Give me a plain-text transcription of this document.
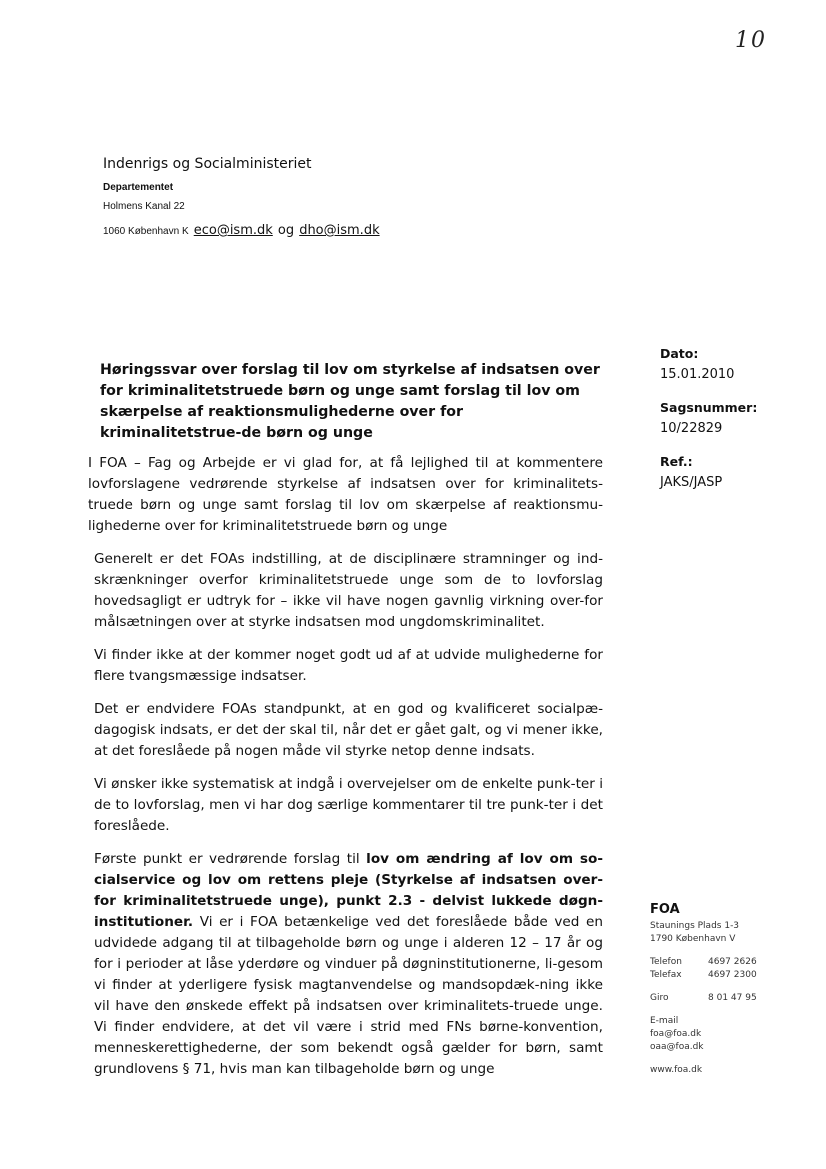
10
Indenrigs og Socialministeriet
Departementet
Holmens Kanal 22
1060 København K eco@ism.dk og dho@ism.dk
Høringssvar over forslag til lov om styrkelse af indsatsen over for kriminalitetstruede børn og unge samt forslag til lov om skærpelse af reaktionsmulighederne over for kriminalitetstrue-de børn og unge
Dato:
15.01.2010
Sagsnummer:
10/22829
Ref.:
JAKS/JASP

I FOA – Fag og Arbejde er vi glad for, at få lejlighed til at kommentere lovforslagene vedrørende styrkelse af indsatsen over for kriminalitets-truede børn og unge samt forslag til lov om skærpelse af reaktionsmu-lighederne over for kriminalitetstruede børn og unge

Generelt er det FOAs indstilling, at de disciplinære stramninger og ind-skrænkninger overfor kriminalitetstruede unge som de to lovforslag hovedsagligt er udtryk for – ikke vil have nogen gavnlig virkning over-for målsætningen over at styrke indsatsen mod ungdomskriminalitet.

Vi finder ikke at der kommer noget godt ud af at udvide mulighederne for flere tvangsmæssige indsatser.

Det er endvidere FOAs standpunkt, at en god og kvalificeret socialpæ-dagogisk indsats, er det der skal til, når det er gået galt, og vi mener ikke, at det foreslåede på nogen måde vil styrke netop denne indsats.

Vi ønsker ikke systematisk at indgå i overvejelser om de enkelte punk-ter i de to lovforslag, men vi har dog særlige kommentarer til tre punk-ter i det foreslåede.

Første punkt er vedrørende forslag til lov om ændring af lov om so-cialservice og lov om rettens pleje (Styrkelse af indsatsen over-for kriminalitetstruede unge), punkt 2.3 - delvist lukkede døgn-institutioner. Vi er i FOA betænkelige ved det foreslåede både ved en udvidede adgang til at tilbageholde børn og unge i alderen 12 – 17 år og for i perioder at låse yderdøre og vinduer på døgninstitutionerne, li-gesom vi finder at yderligere fysisk magtanvendelse og mandsopdæk-ning ikke vil have den ønskede effekt på indsatsen over kriminalitets-truede unge. Vi finder endvidere, at det vil være i strid med FNs børne-konvention, menneskerettighederne, der som bekendt også gælder for børn, samt grundlovens § 71, hvis man kan tilbageholde børn og unge

FOA
Staunings Plads 1-3
1790 København V
Telefon	4697 2626
Telefax	4697 2300
Giro	8 01 47 95
E-mail
foa@foa.dk
oaa@foa.dk
www.foa.dk
